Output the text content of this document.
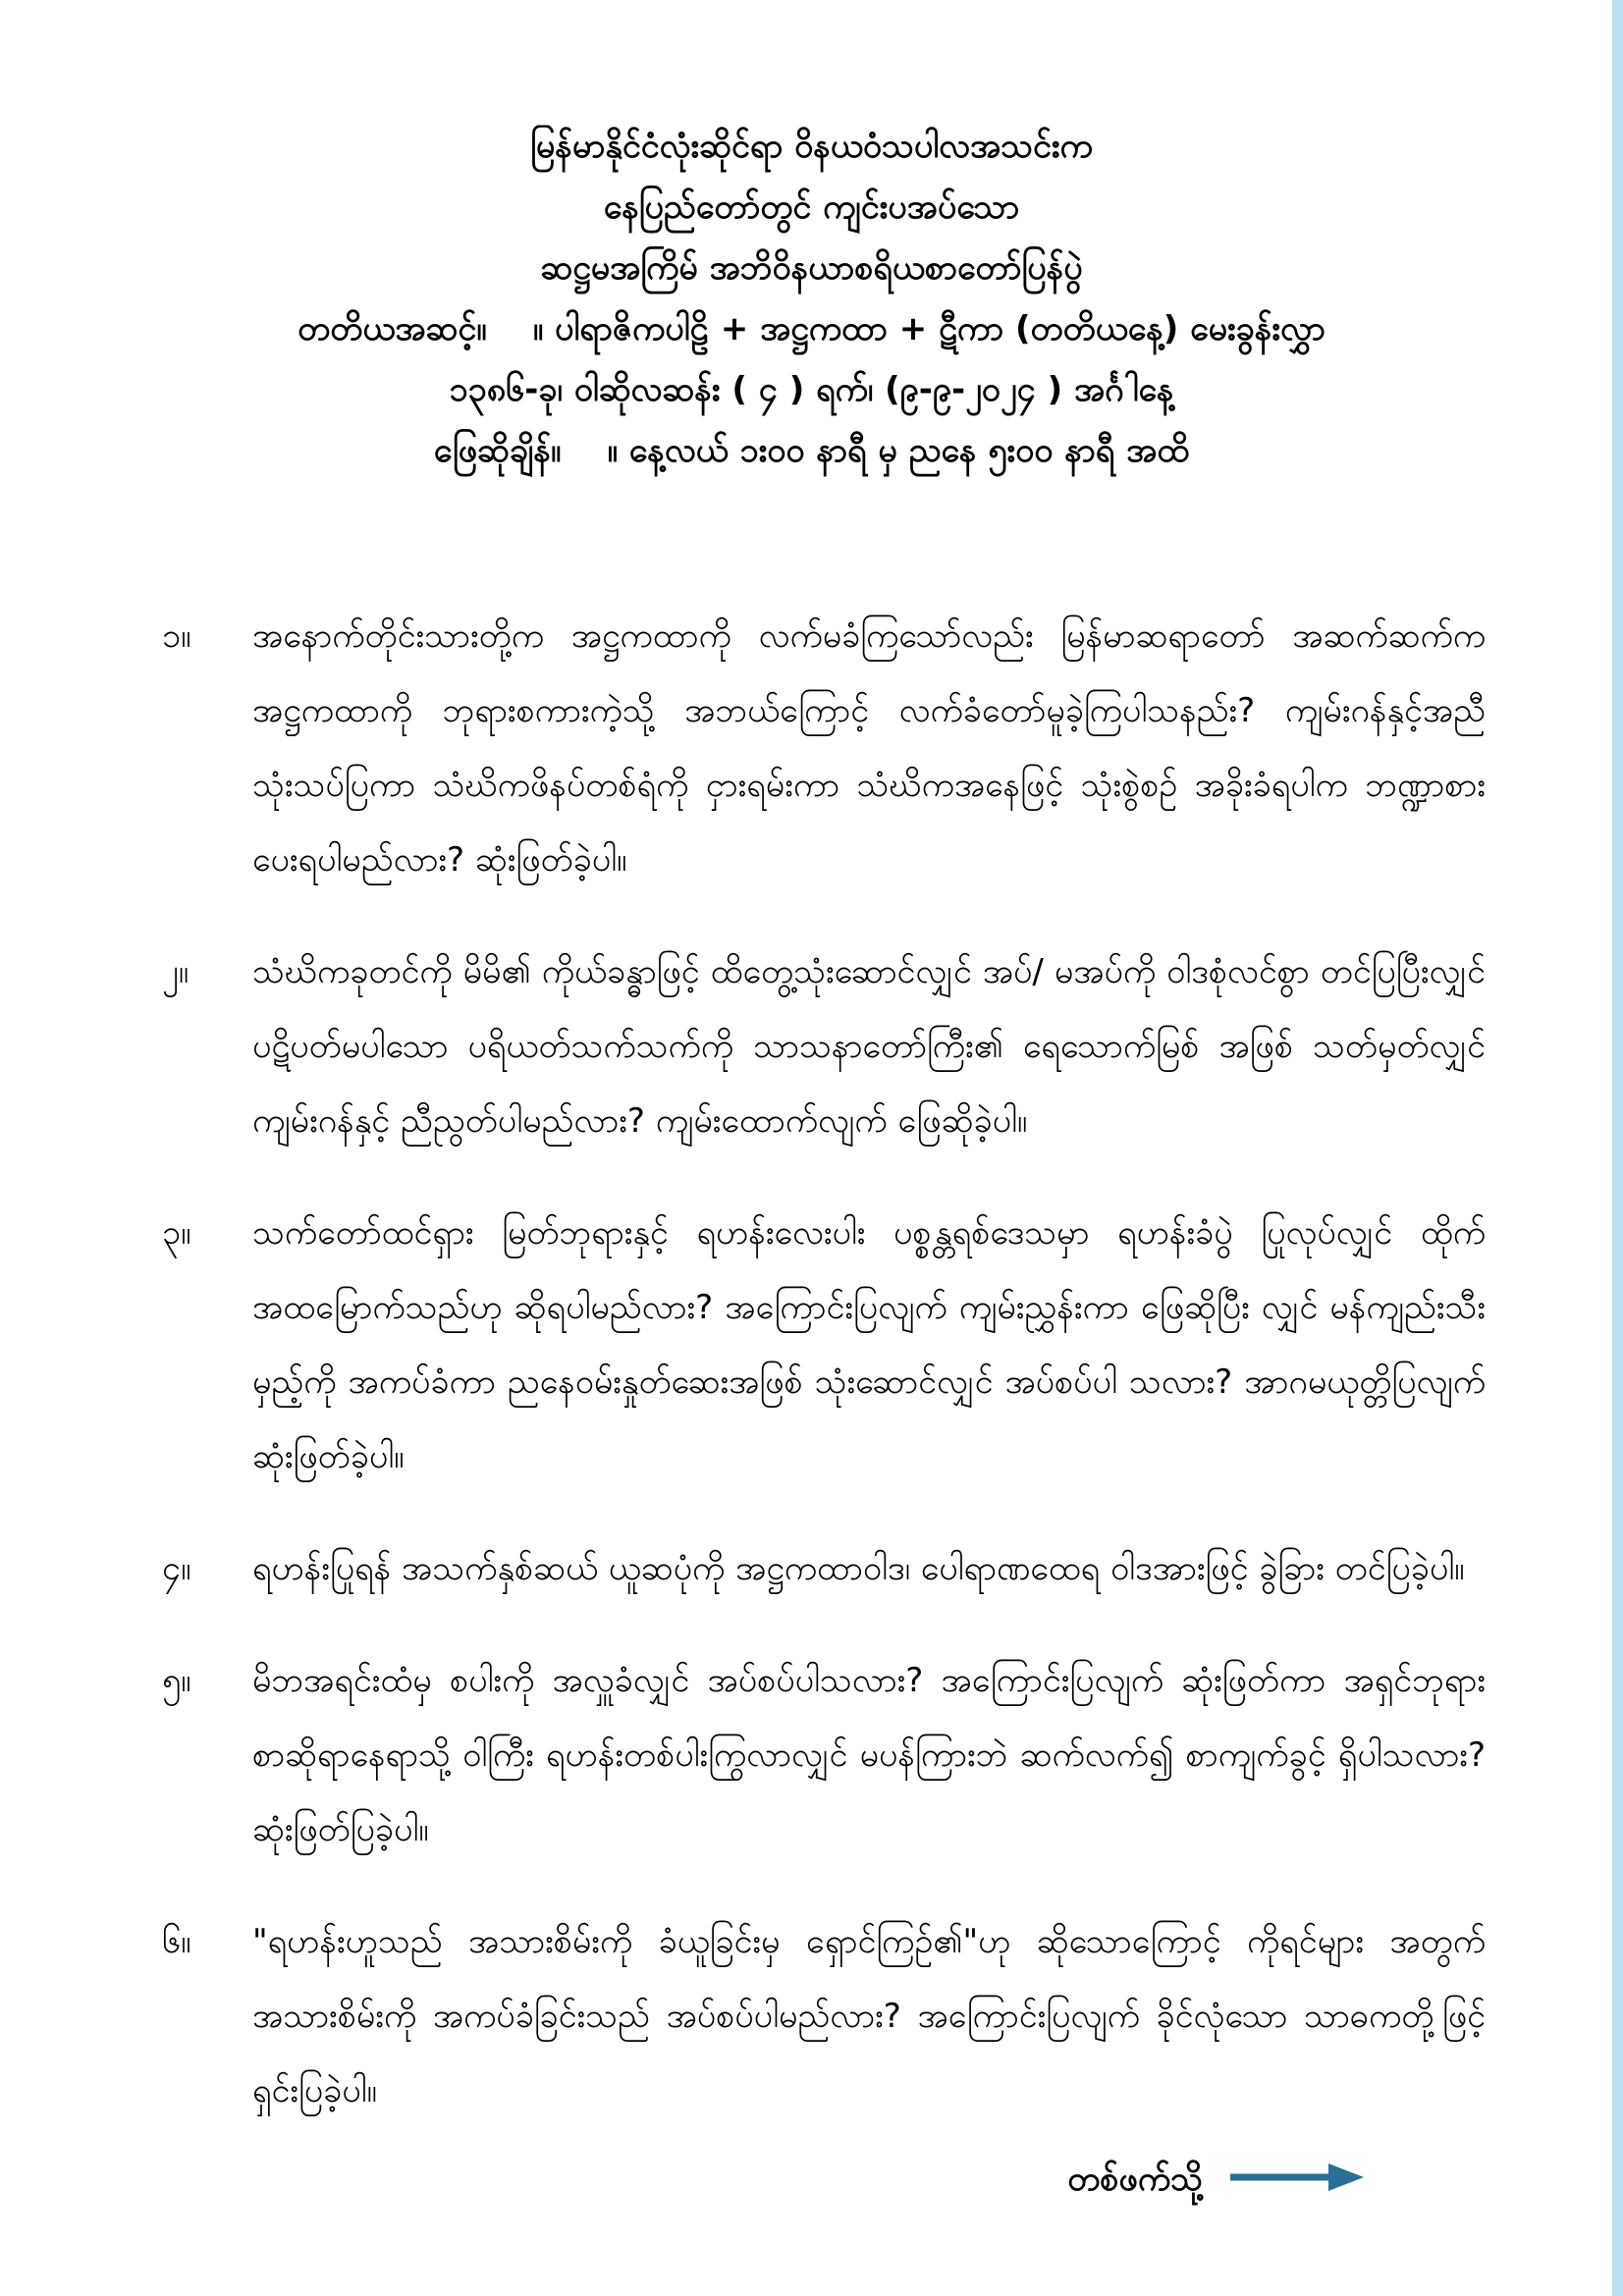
မြန်မာနိုင်ငံလုံးဆိုင်ရာ ဝိနယဝံသပါလအသင်းက
နေပြည်တော်တွင် ကျင်းပအပ်သော
ဆဋ္ဌမအကြိမ် အဘိဝိနယာစရိယစာတော်ပြန်ပွဲ
တတိယအဆင့်။    ။ ပါရာဇိကပါဠိ + အဋ္ဌကထာ + ဋီကာ (တတိယနေ့) မေးခွန်းလွှာ
၁၃၈၆-ခု၊ ဝါဆိုလဆန်း ( ၄ ) ရက်၊ (၉-၉-၂၀၂၄ ) အင်္ဂါနေ့
ဖြေဆိုချိန်။    ။ နေ့လယ် ၁း၀၀ နာရီ မှ ညနေ ၅း၀၀ နာရီ အထိ
၁။	အနောက်တိုင်းသားတို့က အဋ္ဌကထာကို လက်မခံကြသော်လည်း မြန်မာဆရာတော် အဆက်ဆက်က အဋ္ဌကထာကို ဘုရားစကားကဲ့သို့ အဘယ်ကြောင့် လက်ခံတော်မူခဲ့ကြပါသနည်း? ကျမ်းဂန်နှင့်အညီ သုံးသပ်ပြကာ သံဃိကဖိနပ်တစ်ရံကို ငှားရမ်းကာ သံဃိကအနေဖြင့် သုံးစွဲစဉ် အခိုးခံရပါက ဘဏ္ဍာစား ပေးရပါမည်လား? ဆုံးဖြတ်ခဲ့ပါ။
၂။	သံဃိကခုတင်ကို မိမိ၏ ကိုယ်ခန္ဓာဖြင့် ထိတွေ့သုံးဆောင်လျှင် အပ်/ မအပ်ကို ဝါဒစုံလင်စွာ တင်ပြပြီးလျှင် ပဋိပတ်မပါသော ပရိယတ်သက်သက်ကို သာသနာတော်ကြီး၏ ရေသောက်မြစ် အဖြစ် သတ်မှတ်လျှင် ကျမ်းဂန်နှင့် ညီညွတ်ပါမည်လား? ကျမ်းထောက်လျက် ဖြေဆိုခဲ့ပါ။
၃။	သက်တော်ထင်ရှား မြတ်ဘုရားနှင့် ရဟန်းလေးပါး ပစ္စန္တရစ်ဒေသမှာ ရဟန်းခံပွဲ ပြုလုပ်လျှင် ထိုက် အထမြောက်သည်ဟု ဆိုရပါမည်လား? အကြောင်းပြလျက် ကျမ်းညွှန်းကာ ဖြေဆိုပြီး လျှင် မန်ကျည်းသီးမှည့်ကို အကပ်ခံကာ ညနေဝမ်းနှုတ်ဆေးအဖြစ် သုံးဆောင်လျှင် အပ်စပ်ပါ သလား? အာဂမယုတ္တိပြလျက် ဆုံးဖြတ်ခဲ့ပါ။
၄။	ရဟန်းပြုရန် အသက်နှစ်ဆယ် ယူဆပုံကို အဋ္ဌကထာဝါဒ၊ ပေါရာဏထေရ ဝါဒအားဖြင့် ခွဲခြား တင်ပြခဲ့ပါ။
၅။	မိဘအရင်းထံမှ စပါးကို အလှူခံလျှင် အပ်စပ်ပါသလား? အကြောင်းပြလျက် ဆုံးဖြတ်ကာ အရှင်ဘုရား စာဆိုရာနေရာသို့ ဝါကြီး ရဟန်းတစ်ပါးကြွလာလျှင် မပန်ကြားဘဲ ဆက်လက်၍ စာကျက်ခွင့် ရှိပါသလား? ဆုံးဖြတ်ပြခဲ့ပါ။
၆။	"ရဟန်းဟူသည် အသားစိမ်းကို ခံယူခြင်းမှ ရှောင်ကြဉ်၏"ဟု ဆိုသောကြောင့် ကိုရင်များ အတွက် အသားစိမ်းကို အကပ်ခံခြင်းသည် အပ်စပ်ပါမည်လား? အကြောင်းပြလျက် ခိုင်လုံသော သာဓကတို့ဖြင့် ရှင်းပြခဲ့ပါ။
တစ်ဖက်သို့
